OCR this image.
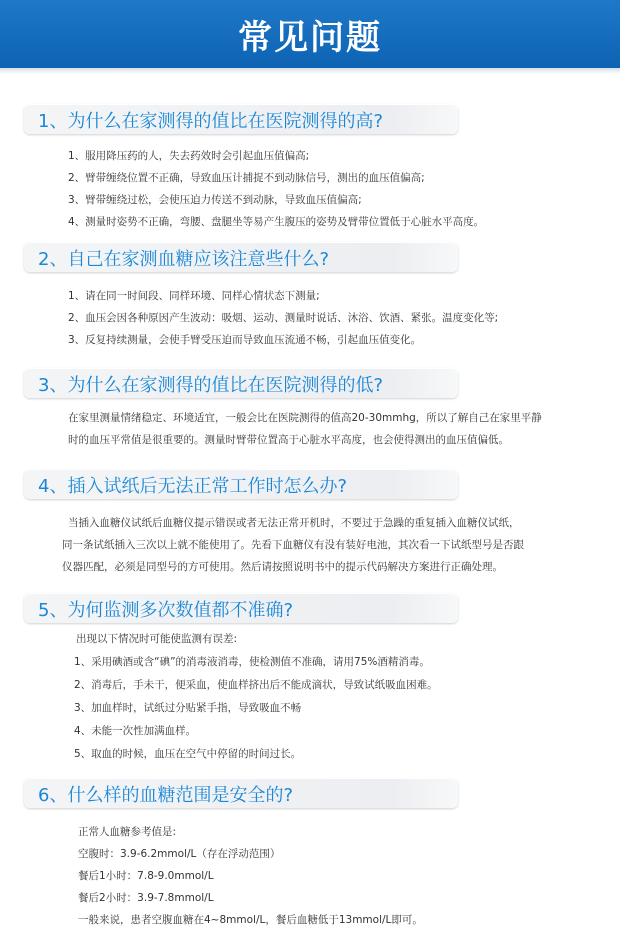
常见问题
1、为什么在家测得的值比在医院测得的高?
1、服用降压药的人，失去药效时会引起血压值偏高;
2、臂带缠绕位置不正确，导致血压计捕捉不到动脉信号，测出的血压值偏高;
3、臂带缠绕过松，会使压迫力传送不到动脉，导致血压值偏高;
4、测量时姿势不正确，弯腰、盘腿坐等易产生腹压的姿势及臂带位置低于心脏水平高度。
2、自己在家测血糖应该注意些什么?
1、请在同一时间段、同样环境、同样心情状态下测量;
2、血压会因各种原因产生波动：吸烟、运动、测量时说话、沐浴、饮酒、紧张。温度变化等;
3、反复持续测量，会使手臂受压迫而导致血压流通不畅，引起血压值变化。
3、为什么在家测得的值比在医院测得的低?
在家里测量情绪稳定、环境适宜，一般会比在医院测得的值高20-30mmhg，所以了解自己在家里平静
时的血压平常值是很重要的。测量时臂带位置高于心脏水平高度，也会使得测出的血压值偏低。
4、插入试纸后无法正常工作时怎么办?
当插入血糖仪试纸后血糖仪提示错误或者无法正常开机时，不要过于急躁的重复插入血糖仪试纸，
同一条试纸插入三次以上就不能使用了。先看下血糖仪有没有装好电池，其次看一下试纸型号是否跟
仪器匹配，必须是同型号的方可使用。然后请按照说明书中的提示代码解决方案进行正确处理。
5、为何监测多次数值都不准确?
出现以下情况时可能使监测有误差:
1、采用碘酒或含“碘”的消毒液消毒，使检测值不准确，请用75%酒精消毒。
2、消毒后，手未干，便采血，使血样挤出后不能成滴状，导致试纸吸血困难。
3、加血样时，试纸过分贴紧手指，导致吸血不畅
4、未能一次性加满血样。
5、取血的时候，血压在空气中停留的时间过长。
6、什么样的血糖范围是安全的?
正常人血糖参考值是:
空腹时：3.9-6.2mmol/L（存在浮动范围）
餐后1小时：7.8-9.0mmol/L
餐后2小时：3.9-7.8mmol/L
一般来说，患者空腹血糖在4~8mmol/L，餐后血糖低于13mmol/L即可。
